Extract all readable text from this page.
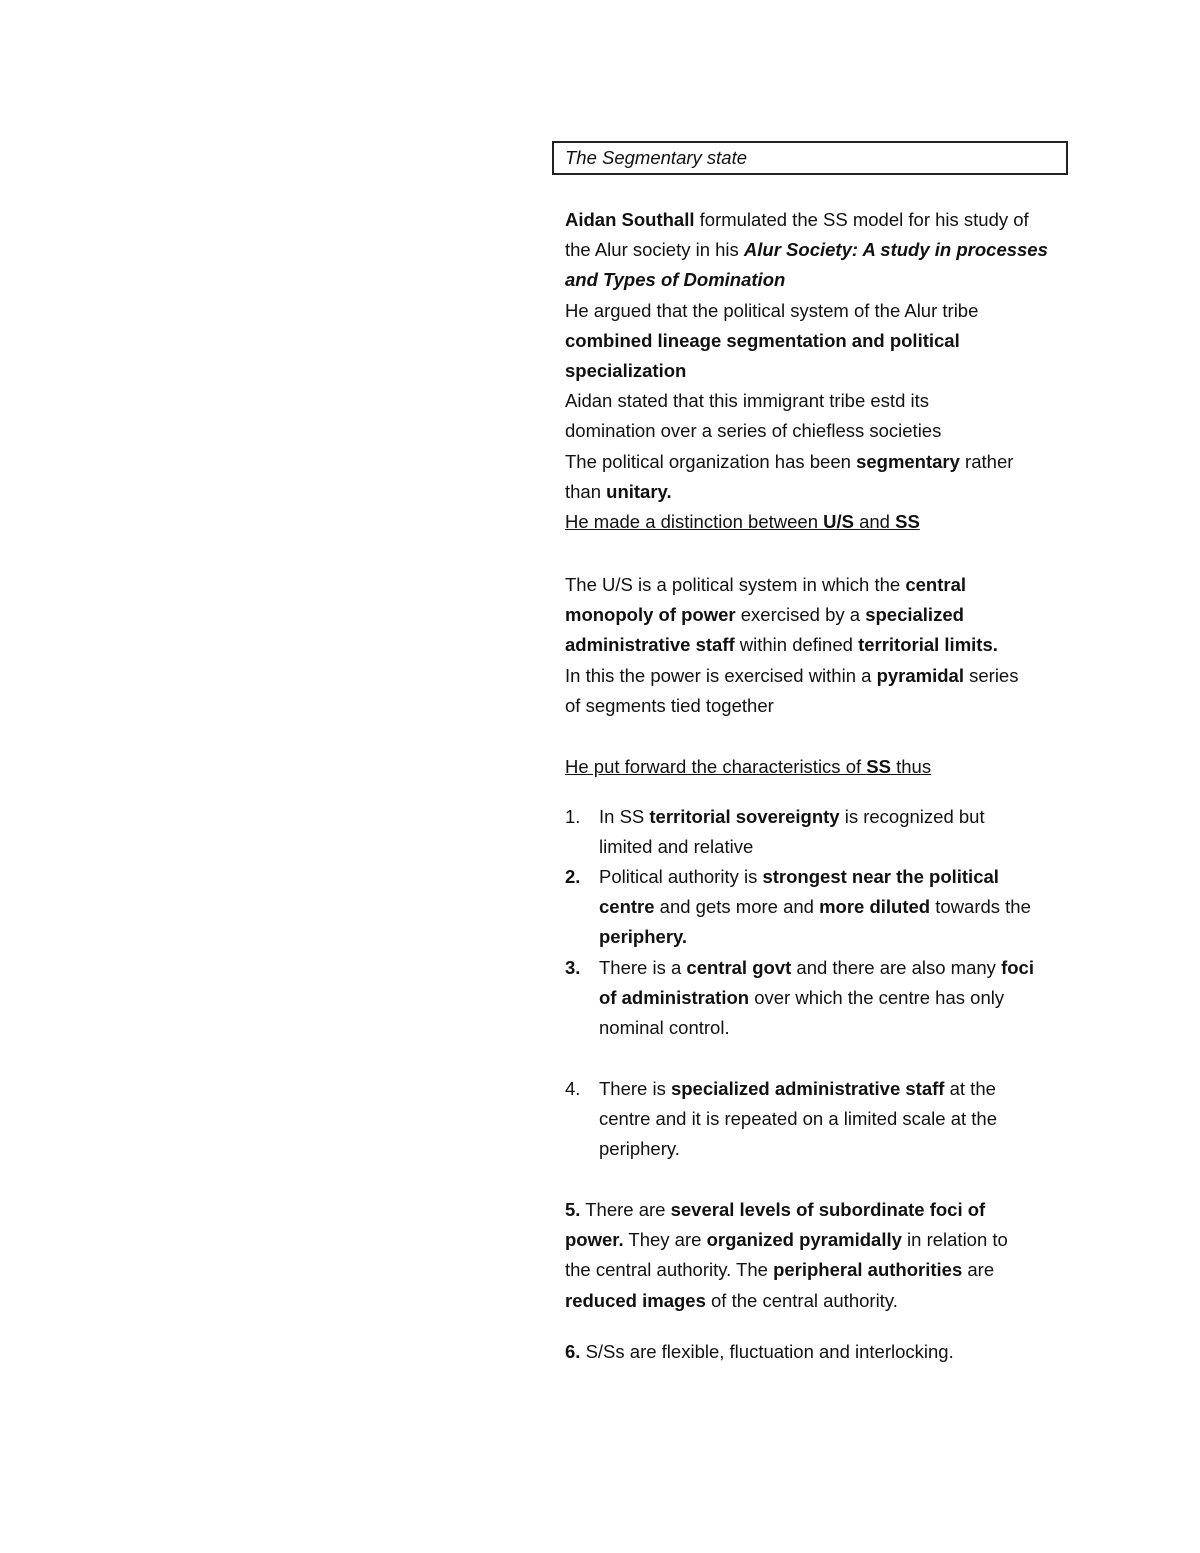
The Segmentary state

Aidan Southall formulated the SS model for his study of

the Alur society in his Alur Society: A study in processes

and Types of Domination

He argued that the political system of the Alur tribe

combined lineage segmentation and political

specialization

Aidan stated that this immigrant tribe estd its

domination over a series of chiefless societies

The political organization has been segmentary rather

than unitary.

He made a distinction between U/S and SS

The U/S is a political system in which the central

monopoly of power exercised by a specialized

administrative staff within defined territorial limits.

In this the power is exercised within a pyramidal series

of segments tied together

He put forward the characteristics of SS thus
1.	In SS territorial sovereignty is recognized but

limited and relative

2.	Political authority is strongest near the political

centre and gets more and more diluted towards the

periphery.

3.	There is a central govt and there are also many foci

of administration over which the centre has only

nominal control.

4.	There is specialized administrative staff at the

centre and it is repeated on a limited scale at the

periphery.

5. There are several levels of subordinate foci of

power. They are organized pyramidally in relation to

the central authority. The peripheral authorities are

reduced images of the central authority.

6. S/Ss are flexible, fluctuation and interlocking.
